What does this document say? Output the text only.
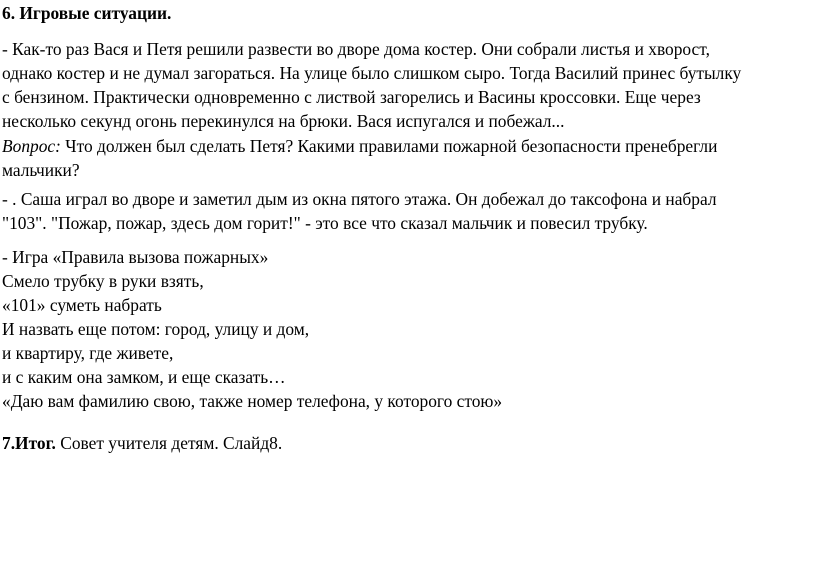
6. Игровые ситуации.
- Как-то раз Вася и Петя решили развести во дворе дома костер. Они собрали листья и хворост,
однако костер и не думал загораться. На улице было слишком сыро. Тогда Василий принес бутылку
с бензином. Практически одновременно с листвой загорелись и Васины кроссовки. Еще через
несколько секунд огонь перекинулся на брюки. Вася испугался и побежал...
Вопрос: Что должен был сделать Петя? Какими правилами пожарной безопасности пренебрегли
мальчики?
- . Саша играл во дворе и заметил дым из окна пятого этажа. Он добежал до таксофона и набрал
"103". "Пожар, пожар, здесь дом горит!" - это все что сказал мальчик и повесил трубку.
- Игра «Правила вызова пожарных»
Смело трубку в руки взять,
«101» суметь набрать
И назвать еще потом: город, улицу и дом,
и квартиру, где живете,
и с каким она замком, и еще сказать…
«Даю вам фамилию свою, также номер телефона, у которого стою»
7.Итог. Совет учителя детям. Слайд8.
